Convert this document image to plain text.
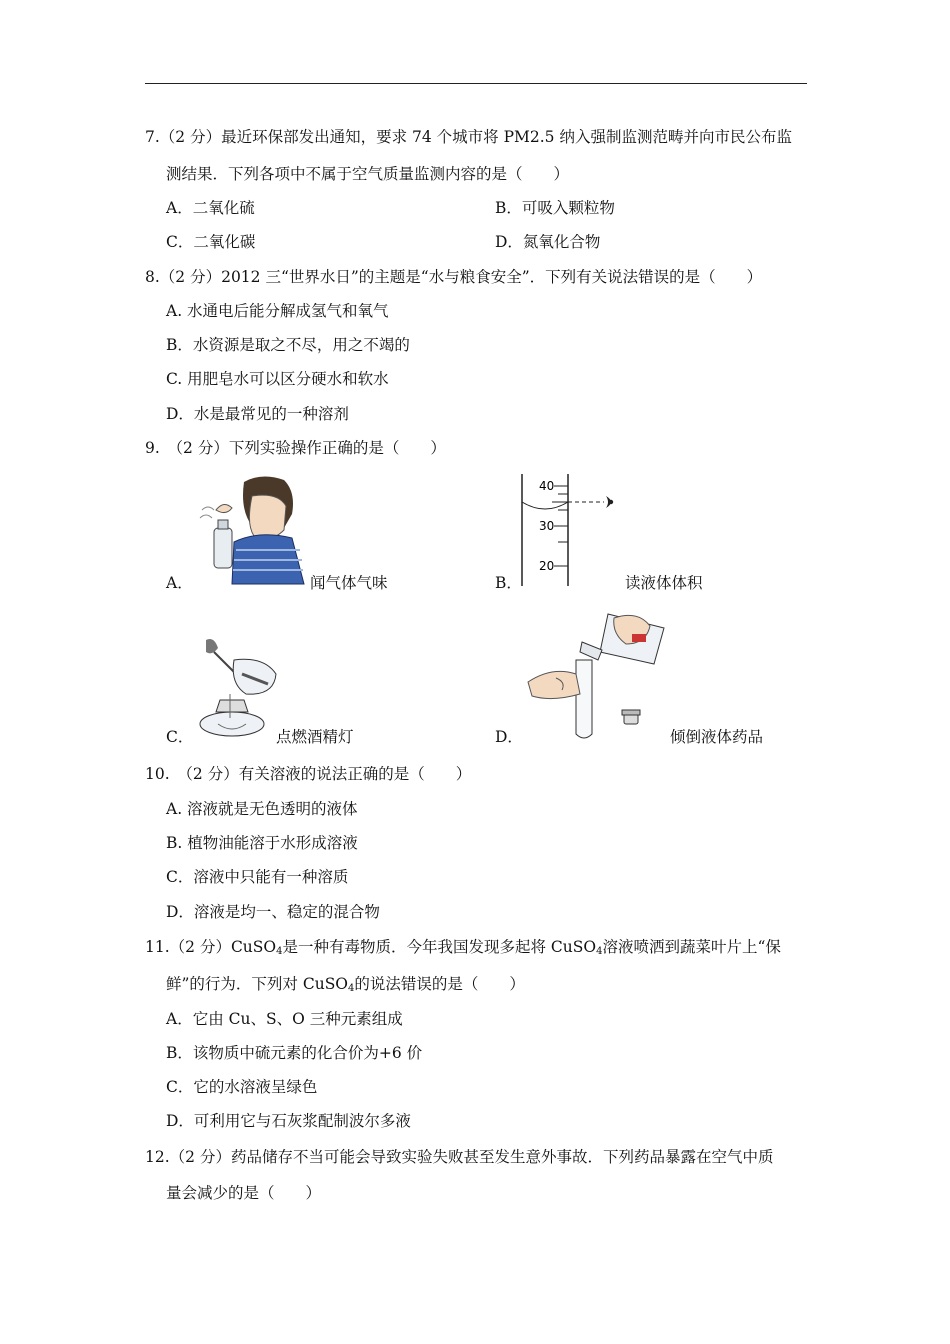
7.（2 分）最近环保部发出通知，要求 74 个城市将 PM2.5 纳入强制监测范畴并向市民公布监
测结果．下列各项中不属于空气质量监测内容的是（　　）
A．二氧化硫	B．可吸入颗粒物
C．二氧化碳	D．氮氧化合物
8.（2 分）2012 三“世界水日”的主题是“水与粮食安全”．下列有关说法错误的是（　　）
A. 水通电后能分解成氢气和氧气
B．水资源是取之不尽，用之不竭的
C. 用肥皂水可以区分硬水和软水
D．水是最常见的一种溶剂
9.　（2 分）下列实验操作正确的是（　　）
A．	闻气体气味
40
30
20
B．	读液体体积
C．	点燃酒精灯	D．	倾倒液体药品
10.　（2 分）有关溶液的说法正确的是（　　）
A. 溶液就是无色透明的液体
B. 植物油能溶于水形成溶液
C．溶液中只能有一种溶质
D．溶液是均一、稳定的混合物
11.（2 分）CuSO$_4$是一种有毒物质．今年我国发现多起将 CuSO$_4$溶液喷洒到蔬菜叶片上“保
鲜”的行为．下列对 CuSO$_4$的说法错误的是（　　）
A．它由 Cu、S、O 三种元素组成
B．该物质中硫元素的化合价为+6 价
C．它的水溶液呈绿色
D．可利用它与石灰浆配制波尔多液
12.（2 分）药品储存不当可能会导致实验失败甚至发生意外事故．下列药品暴露在空气中质
量会减少的是（　　）
